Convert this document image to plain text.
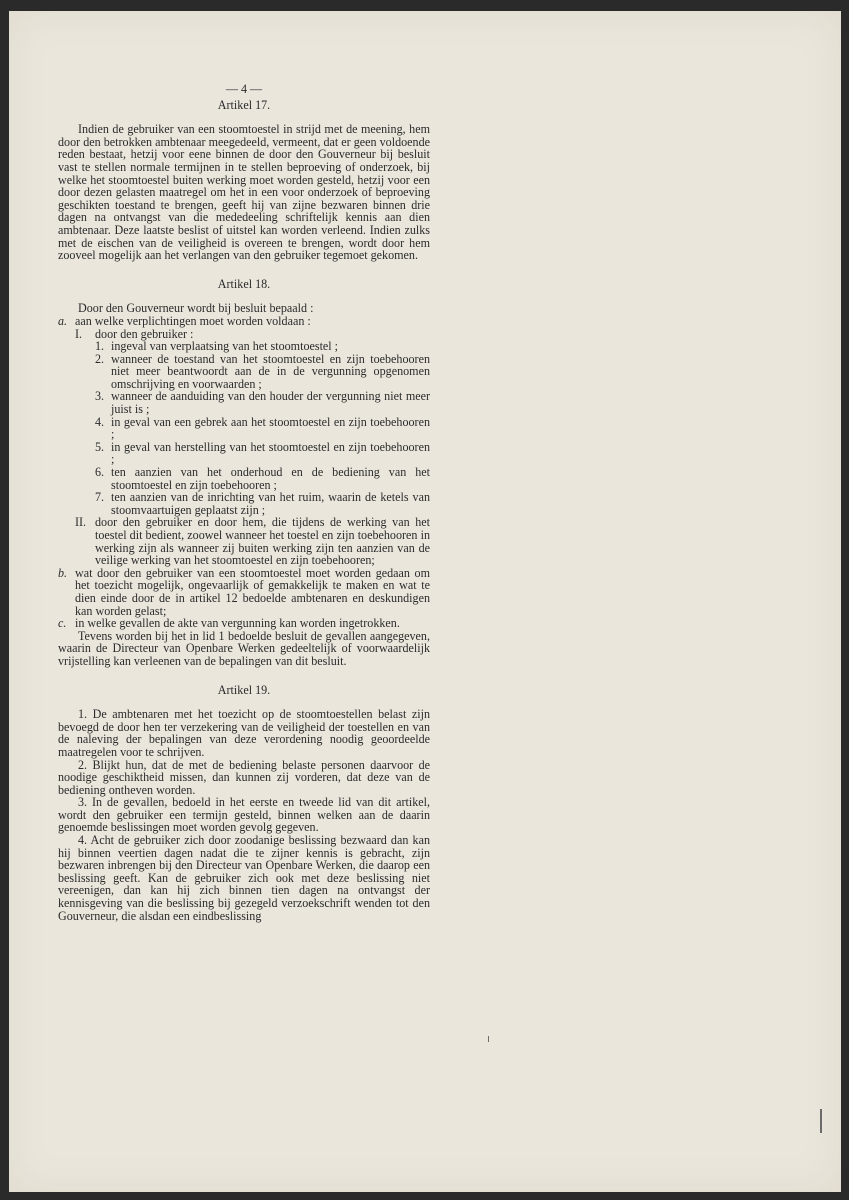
— 4 —
Artikel 17.

Indien de gebruiker van een stoomtoestel in strijd met de meening, hem door den betrokken ambtenaar meegedeeld, vermeent, dat er geen voldoende reden bestaat, hetzij voor eene binnen de door den Gouverneur bij besluit vast te stellen normale termijnen in te stellen beproeving of onderzoek, bij welke het stoomtoestel buiten werking moet worden gesteld, hetzij voor een door dezen gelasten maatregel om het in een voor onderzoek of beproeving geschikten toestand te brengen, geeft hij van zijne bezwaren binnen drie dagen na ontvangst van die mededeeling schriftelijk kennis aan dien ambtenaar. Deze laatste beslist of uitstel kan worden verleend. Indien zulks met de eischen van de veiligheid is overeen te brengen, wordt door hem zooveel mogelijk aan het verlangen van den gebruiker tegemoet gekomen.

Artikel 18.

Door den Gouverneur wordt bij besluit bepaald :

a. aan welke verplichtingen moet worden voldaan :
I.	door den gebruiker :
1. ingeval van verplaatsing van het stoomtoestel ;
2. wanneer de toestand van het stoomtoestel en zijn toebehooren niet meer beantwoordt aan de in de vergunning opgenomen omschrijving en voorwaarden ;
3. wanneer de aanduiding van den houder der vergunning niet meer juist is ;
4. in geval van een gebrek aan het stoomtoestel en zijn toebehooren ;
5. in geval van herstelling van het stoomtoestel en zijn toebehooren ;
6. ten aanzien van het onderhoud en de bediening van het stoomtoestel en zijn toebehooren ;
7. ten aanzien van de inrichting van het ruim, waarin de ketels van stoomvaartuigen geplaatst zijn ;
II. door den gebruiker en door hem, die tijdens de werking van het toestel dit bedient, zoowel wanneer het toestel en zijn toebehooren in werking zijn als wanneer zij buiten werking zijn ten aanzien van de veilige werking van het stoomtoestel en zijn toebehooren;
b. wat door den gebruiker van een stoomtoestel moet worden gedaan om het toezicht mogelijk, ongevaarlijk of gemakkelijk te maken en wat te dien einde door de in artikel 12 bedoelde ambtenaren en deskundigen kan worden gelast;
c. in welke gevallen de akte van vergunning kan worden ingetrokken.

Tevens worden bij het in lid 1 bedoelde besluit de gevallen aangegeven, waarin de Directeur van Openbare Werken gedeeltelijk of voorwaardelijk vrijstelling kan verleenen van de bepalingen van dit besluit.

Artikel 19.

1. De ambtenaren met het toezicht op de stoomtoestellen belast zijn bevoegd de door hen ter verzekering van de veiligheid der toestellen en van de naleving der bepalingen van deze verordening noodig geoordeelde maatregelen voor te schrijven.

2. Blijkt hun, dat de met de bediening belaste personen daarvoor de noodige geschiktheid missen, dan kunnen zij vorderen, dat deze van de bediening ontheven worden.

3. In de gevallen, bedoeld in het eerste en tweede lid van dit artikel, wordt den gebruiker een termijn gesteld, binnen welken aan de daarin genoemde beslissingen moet worden gevolg gegeven.

4. Acht de gebruiker zich door zoodanige beslissing bezwaard dan kan hij binnen veertien dagen nadat die te zijner kennis is gebracht, zijn bezwaren inbrengen bij den Directeur van Openbare Werken, die daarop een beslissing geeft. Kan de gebruiker zich ook met deze beslissing niet vereenigen, dan kan hij zich binnen tien dagen na ontvangst der kennisgeving van die beslissing bij gezegeld verzoekschrift wenden tot den Gouverneur, die alsdan een eindbeslissing
